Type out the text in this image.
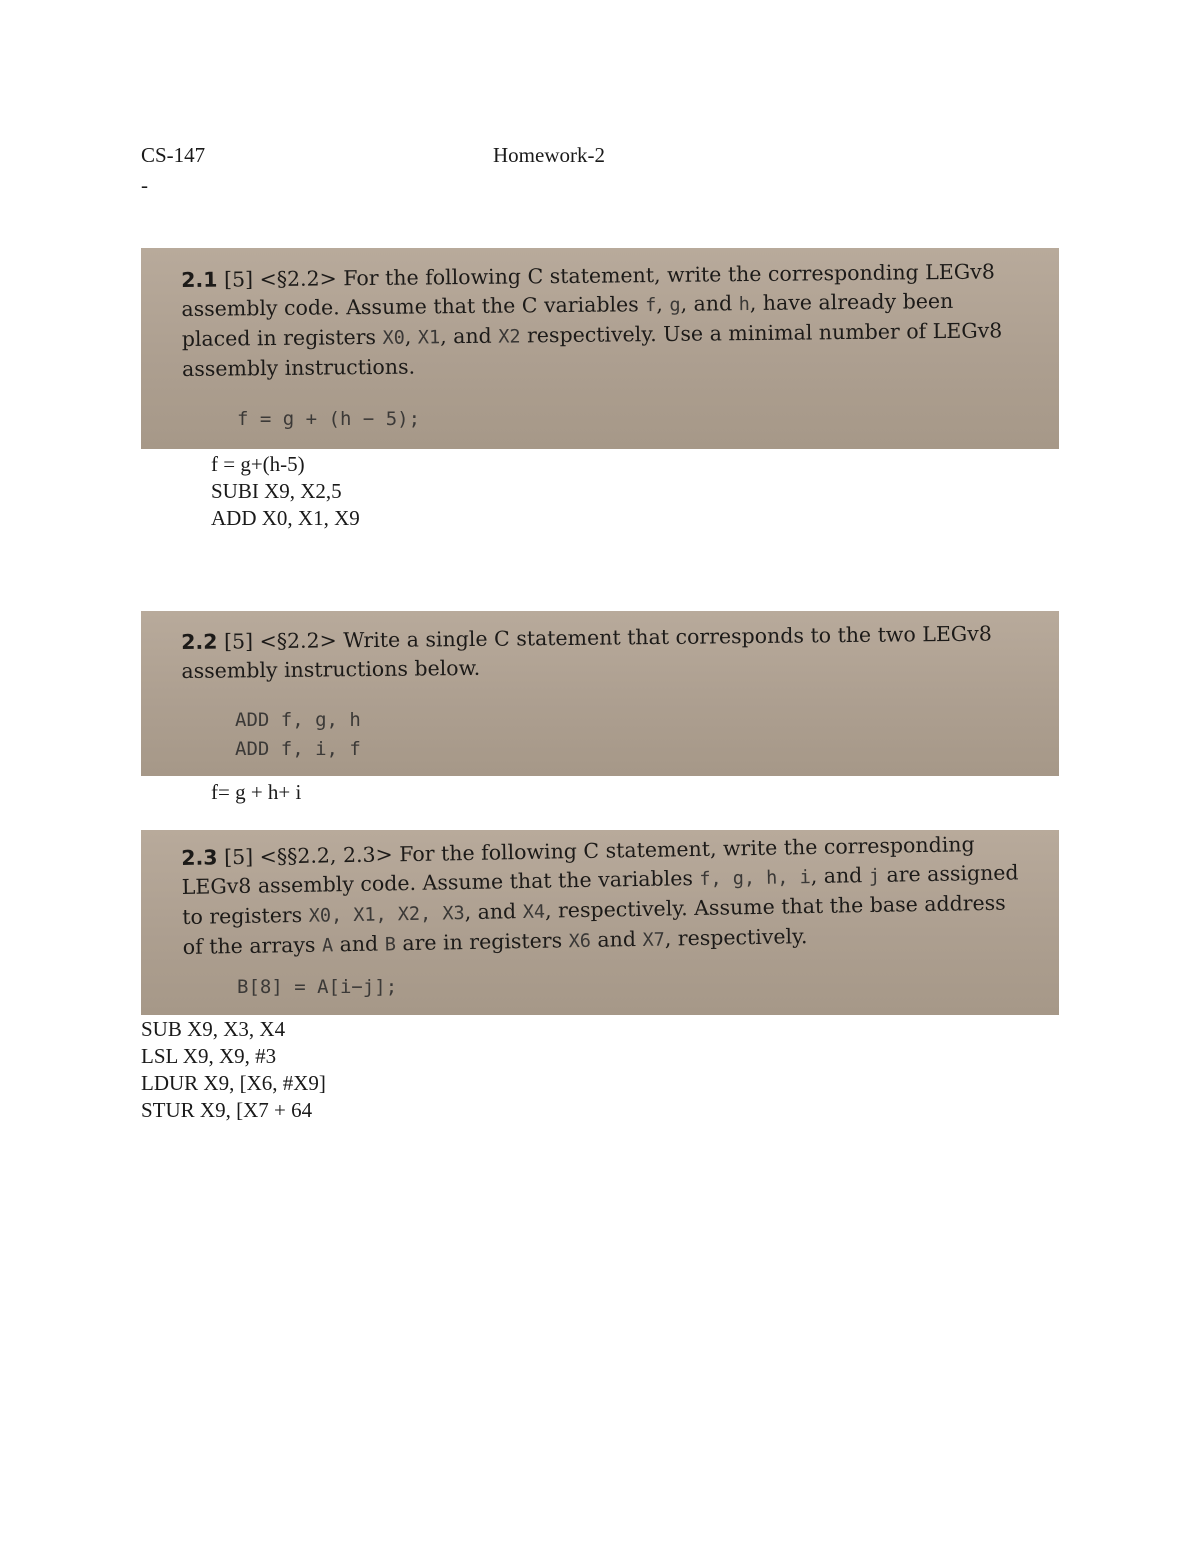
CS-147
-
Homework-2
2.1 [5] <§2.2> For the following C statement, write the corresponding LEGv8 assembly code. Assume that the C variables f, g, and h, have already been placed in registers X0, X1, and X2 respectively. Use a minimal number of LEGv8 assembly instructions.
f = g + (h − 5);
f = g+(h-5)
SUBI X9, X2,5
ADD X0, X1, X9
2.2 [5] <§2.2> Write a single C statement that corresponds to the two LEGv8 assembly instructions below.
ADD f, g, h
ADD f, i, f
f= g + h+ i
2.3 [5] <§§2.2, 2.3> For the following C statement, write the corresponding LEGv8 assembly code. Assume that the variables f, g, h, i, and j are assigned to registers X0, X1, X2, X3, and X4, respectively. Assume that the base address of the arrays A and B are in registers X6 and X7, respectively.
B[8] = A[i−j];
SUB X9, X3, X4
LSL X9, X9, #3
LDUR X9, [X6, #X9]
STUR X9, [X7 + 64
